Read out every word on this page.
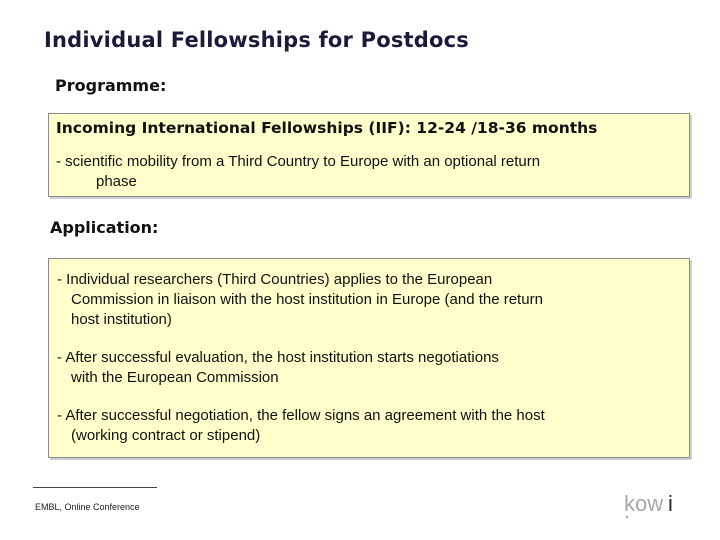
Individual Fellowships for Postdocs
Programme:
Incoming International Fellowships (IIF): 12-24 /18-36 months
- scientific mobility from a Third Country to Europe with an optional return
phase
Application:
- Individual researchers (Third Countries) applies to the European
Commission in liaison with the host institution in Europe (and the return
host institution)
- After successful evaluation, the host institution starts negotiations
with the European Commission
- After successful negotiation, the fellow signs an agreement with the host
(working contract or stipend)
EMBL, Online Conference	kow i
